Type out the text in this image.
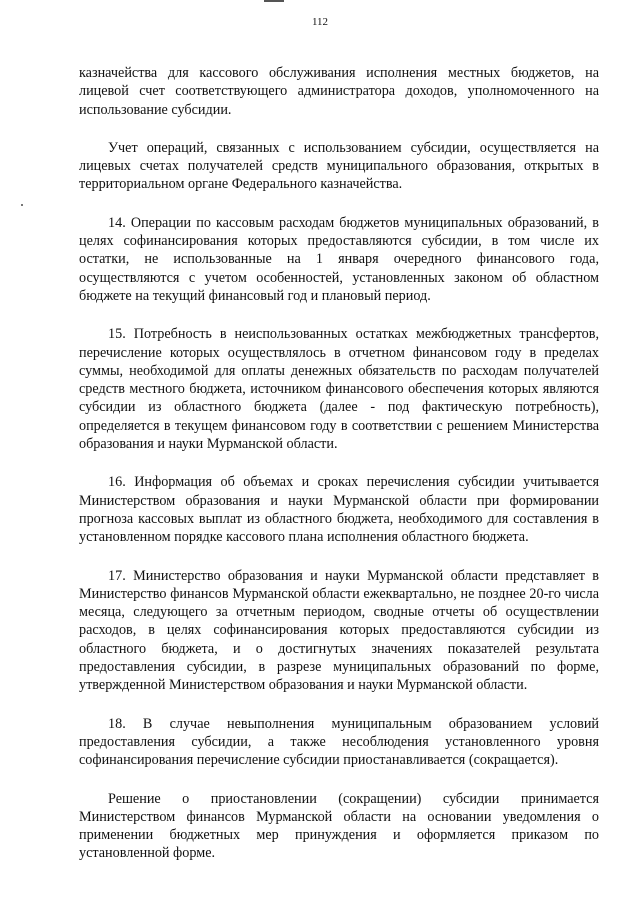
112

казначейства для кассового обслуживания исполнения местных бюджетов, на лицевой счет соответствующего администратора доходов, уполномоченного на использование субсидии.

Учет операций, связанных с использованием субсидии, осуществляется на лицевых счетах получателей средств муниципального образования, открытых в территориальном органе Федерального казначейства.

14. Операции по кассовым расходам бюджетов муниципальных образований, в целях софинансирования которых предоставляются субсидии, в том числе их остатки, не использованные на 1 января очередного финансового года, осуществляются с учетом особенностей, установленных законом об областном бюджете на текущий финансовый год и плановый период.

15. Потребность в неиспользованных остатках межбюджетных трансфертов, перечисление которых осуществлялось в отчетном финансовом году в пределах суммы, необходимой для оплаты денежных обязательств по расходам получателей средств местного бюджета, источником финансового обеспечения которых являются субсидии из областного бюджета (далее - под фактическую потребность), определяется в текущем финансовом году в соответствии с решением Министерства образования и науки Мурманской области.

16. Информация об объемах и сроках перечисления субсидии учитывается Министерством образования и науки Мурманской области при формировании прогноза кассовых выплат из областного бюджета, необходимого для составления в установленном порядке кассового плана исполнения областного бюджета.

17. Министерство образования и науки Мурманской области представляет в Министерство финансов Мурманской области ежеквартально, не позднее 20-го числа месяца, следующего за отчетным периодом, сводные отчеты об осуществлении расходов, в целях софинансирования которых предоставляются субсидии из областного бюджета, и о достигнутых значениях показателей результата предоставления субсидии, в разрезе муниципальных образований по форме, утвержденной Министерством образования и науки Мурманской области.

18. В случае невыполнения муниципальным образованием условий предоставления субсидии, а также несоблюдения установленного уровня софинансирования перечисление субсидии приостанавливается (сокращается).

Решение о приостановлении (сокращении) субсидии принимается Министерством финансов Мурманской области на основании уведомления о применении бюджетных мер принуждения и оформляется приказом по установленной форме.
